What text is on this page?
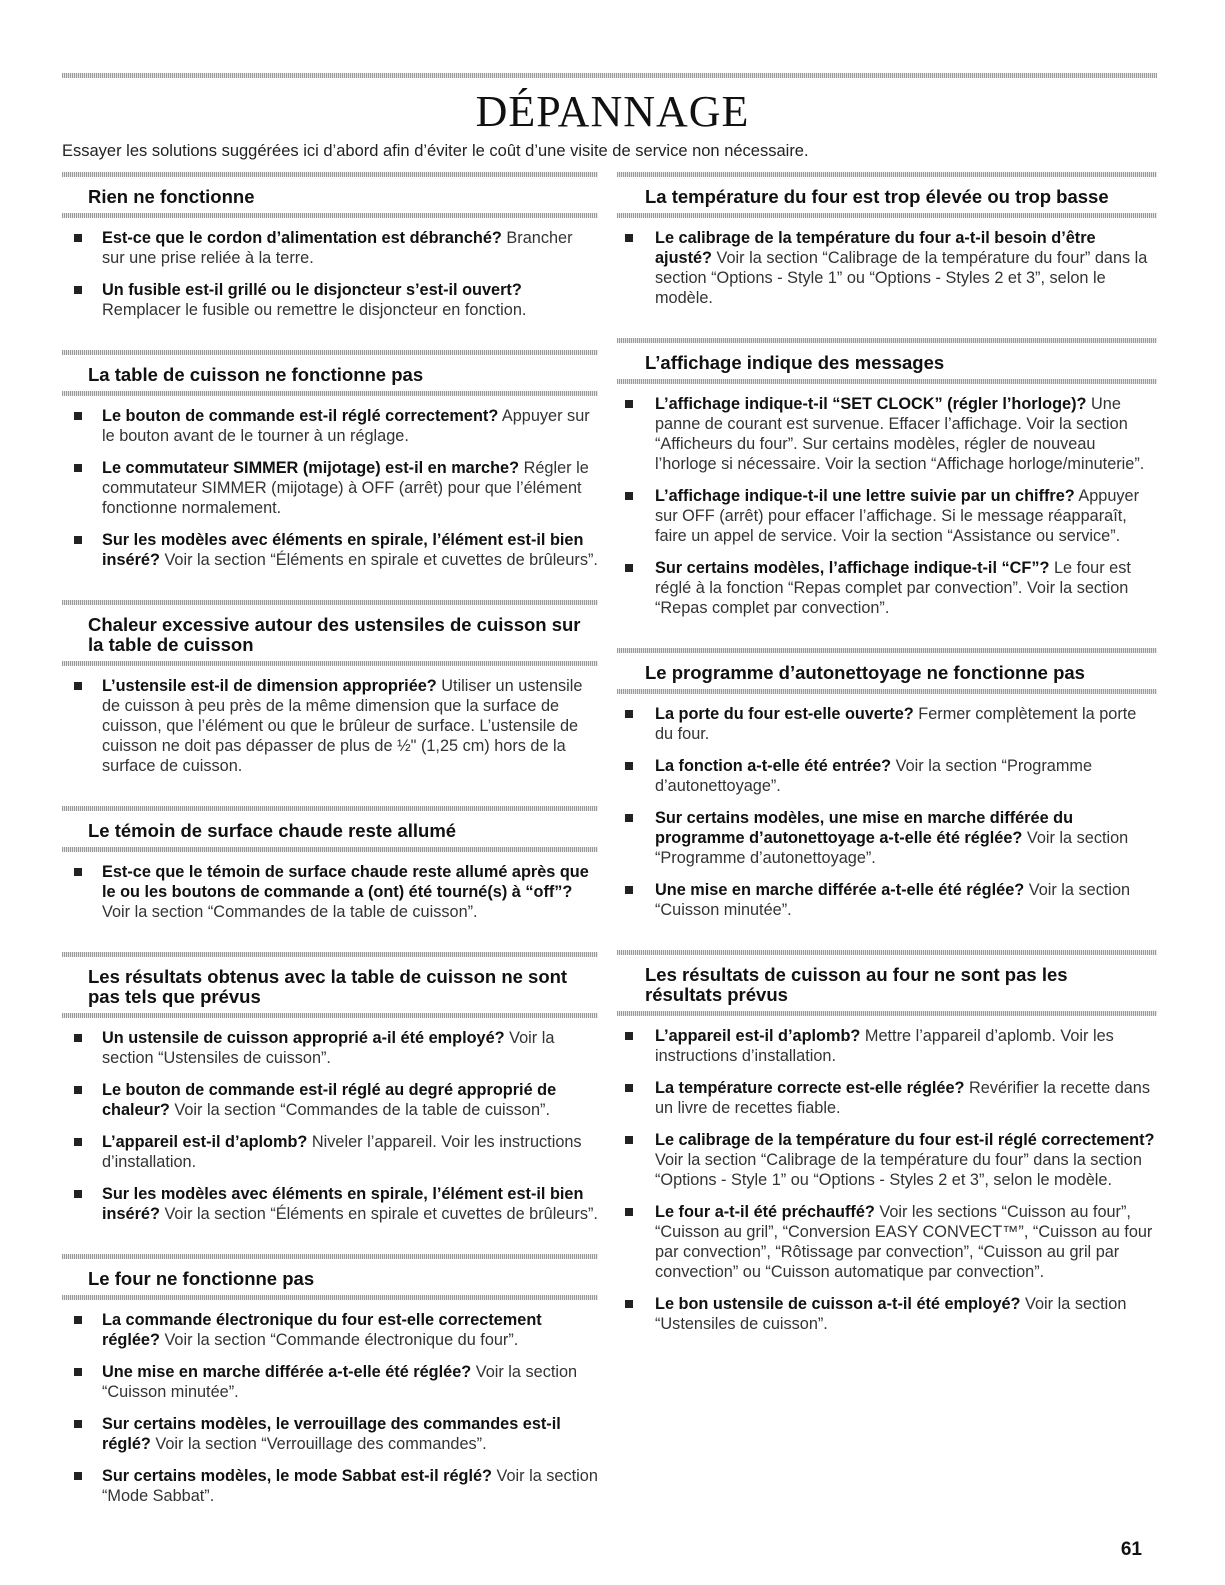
DÉPANNAGE
Essayer les solutions suggérées ici d’abord afin d’éviter le coût d’une visite de service non nécessaire.
Rien ne fonctionne
Est-ce que le cordon d’alimentation est débranché? Brancher sur une prise reliée à la terre.
Un fusible est-il grillé ou le disjoncteur s’est-il ouvert? Remplacer le fusible ou remettre le disjoncteur en fonction.
La table de cuisson ne fonctionne pas
Le bouton de commande est-il réglé correctement? Appuyer sur le bouton avant de le tourner à un réglage.
Le commutateur SIMMER (mijotage) est-il en marche? Régler le commutateur SIMMER (mijotage) à OFF (arrêt) pour que l’élément fonctionne normalement.
Sur les modèles avec éléments en spirale, l’élément est-il bien inséré? Voir la section “Éléments en spirale et cuvettes de brûleurs”.
Chaleur excessive autour des ustensiles de cuisson sur la table de cuisson
L’ustensile est-il de dimension appropriée? Utiliser un ustensile de cuisson à peu près de la même dimension que la surface de cuisson, que l’élément ou que le brûleur de surface. L’ustensile de cuisson ne doit pas dépasser de plus de ½" (1,25 cm) hors de la surface de cuisson.
Le témoin de surface chaude reste allumé
Est-ce que le témoin de surface chaude reste allumé après que le ou les boutons de commande a (ont) été tourné(s) à “off”? Voir la section “Commandes de la table de cuisson”.
Les résultats obtenus avec la table de cuisson ne sont pas tels que prévus
Un ustensile de cuisson approprié a-il été employé? Voir la section “Ustensiles de cuisson”.
Le bouton de commande est-il réglé au degré approprié de chaleur? Voir la section “Commandes de la table de cuisson”.
L’appareil est-il d’aplomb? Niveler l’appareil. Voir les instructions d’installation.
Sur les modèles avec éléments en spirale, l’élément est-il bien inséré? Voir la section “Éléments en spirale et cuvettes de brûleurs”.
Le four ne fonctionne pas
La commande électronique du four est-elle correctement réglée? Voir la section “Commande électronique du four”.
Une mise en marche différée a-t-elle été réglée? Voir la section “Cuisson minutée”.
Sur certains modèles, le verrouillage des commandes est-il réglé? Voir la section “Verrouillage des commandes”.
Sur certains modèles, le mode Sabbat est-il réglé? Voir la section “Mode Sabbat”.
La température du four est trop élevée ou trop basse
Le calibrage de la température du four a-t-il besoin d’être ajusté? Voir la section “Calibrage de la température du four” dans la section “Options - Style 1” ou “Options - Styles 2 et 3”, selon le modèle.
L’affichage indique des messages
L’affichage indique-t-il “SET CLOCK” (régler l’horloge)? Une panne de courant est survenue. Effacer l’affichage. Voir la section “Afficheurs du four”. Sur certains modèles, régler de nouveau l’horloge si nécessaire. Voir la section “Affichage horloge/minuterie”.
L’affichage indique-t-il une lettre suivie par un chiffre? Appuyer sur OFF (arrêt) pour effacer l’affichage. Si le message réapparaît, faire un appel de service. Voir la section “Assistance ou service”.
Sur certains modèles, l’affichage indique-t-il “CF”? Le four est réglé à la fonction “Repas complet par convection”. Voir la section “Repas complet par convection”.
Le programme d’autonettoyage ne fonctionne pas
La porte du four est-elle ouverte? Fermer complètement la porte du four.
La fonction a-t-elle été entrée? Voir la section “Programme d’autonettoyage”.
Sur certains modèles, une mise en marche différée du programme d’autonettoyage a-t-elle été réglée? Voir la section “Programme d’autonettoyage”.
Une mise en marche différée a-t-elle été réglée? Voir la section “Cuisson minutée”.
Les résultats de cuisson au four ne sont pas les résultats prévus
L’appareil est-il d’aplomb? Mettre l’appareil d’aplomb. Voir les instructions d’installation.
La température correcte est-elle réglée? Revérifier la recette dans un livre de recettes fiable.
Le calibrage de la température du four est-il réglé correctement? Voir la section “Calibrage de la température du four” dans la section “Options - Style 1” ou “Options - Styles 2 et 3”, selon le modèle.
Le four a-t-il été préchauffé? Voir les sections “Cuisson au four”, “Cuisson au gril”, “Conversion EASY CONVECT™”, “Cuisson au four par convection”, “Rôtissage par convection”, “Cuisson au gril par convection” ou “Cuisson automatique par convection”.
Le bon ustensile de cuisson a-t-il été employé? Voir la section “Ustensiles de cuisson”.
61
